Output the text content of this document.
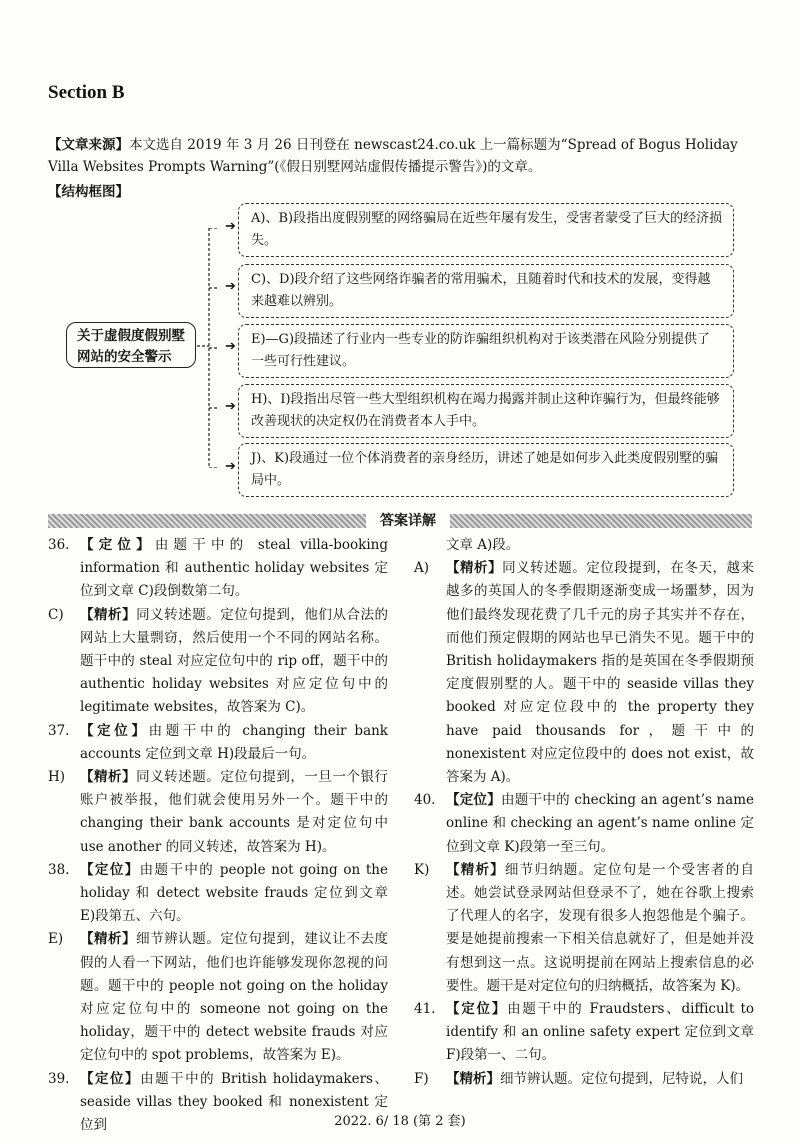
Section B
【文章来源】本文选自 2019 年 3 月 26 日刊登在 newscast24.co.uk 上一篇标题为“Spread of Bogus Holiday Villa Websites Prompts Warning”(《假日别墅网站虚假传播提示警告》)的文章。
【结构框图】
关于虚假度假别墅网站的安全警示
➔
➔
➔
➔
➔
A)、B)段指出度假别墅的网络骗局在近些年屡有发生，受害者蒙受了巨大的经济损失。
C)、D)段介绍了这些网络诈骗者的常用骗术，且随着时代和技术的发展，变得越来越难以辨别。
E)—G)段描述了行业内一些专业的防诈骗组织机构对于该类潜在风险分别提供了一些可行性建议。
H)、I)段指出尽管一些大型组织机构在竭力揭露并制止这种诈骗行为，但最终能够改善现状的决定权仍在消费者本人手中。
J)、K)段通过一位个体消费者的亲身经历，讲述了她是如何步入此类度假别墅的骗局中。
答案详解
36. 【定位】由题干中的 steal villa-booking information 和 authentic holiday websites 定位到文章 C)段倒数第二句。
C)	【精析】同义转述题。定位句提到，他们从合法的网站上大量剽窃，然后使用一个不同的网站名称。题干中的 steal 对应定位句中的 rip off，题干中的 authentic holiday websites 对应定位句中的 legitimate websites，故答案为 C)。
37. 【定位】由题干中的 changing their bank accounts 定位到文章 H)段最后一句。
H)	【精析】同义转述题。定位句提到，一旦一个银行账户被举报，他们就会使用另外一个。题干中的 changing their bank accounts 是对定位句中 use another 的同义转述，故答案为 H)。
38. 【定位】由题干中的 people not going on the holiday 和 detect website frauds 定位到文章 E)段第五、六句。
E)	【精析】细节辨认题。定位句提到，建议让不去度假的人看一下网站，他们也许能够发现你忽视的问题。题干中的 people not going on the holiday 对应定位句中的 someone not going on the holiday，题干中的 detect website frauds 对应定位句中的 spot problems，故答案为 E)。
39. 【定位】由题干中的 British holidaymakers、seaside villas they booked 和 nonexistent 定位到
文章 A)段。
A)	【精析】同义转述题。定位段提到，在冬天，越来越多的英国人的冬季假期逐渐变成一场噩梦，因为他们最终发现花费了几千元的房子其实并不存在，而他们预定假期的网站也早已消失不见。题干中的 British holidaymakers 指的是英国在冬季假期预定度假别墅的人。题干中的 seaside villas they booked 对应定位段中的 the property they have paid thousands for，题干中的 nonexistent 对应定位段中的 does not exist，故答案为 A)。
40. 【定位】由题干中的 checking an agent’s name online 和 checking an agent’s name online 定位到文章 K)段第一至三句。
K)	【精析】细节归纳题。定位句是一个受害者的自述。她尝试登录网站但登录不了，她在谷歌上搜索了代理人的名字，发现有很多人抱怨他是个骗子。要是她提前搜索一下相关信息就好了，但是她并没有想到这一点。这说明提前在网站上搜索信息的必要性。题干是对定位句的归纳概括，故答案为 K)。
41. 【定位】由题干中的 Fraudsters、difficult to identify 和 an online safety expert 定位到文章 F)段第一、二句。
F)	【精析】细节辨认题。定位句提到，尼特说，人们
2022. 6/ 18 (第 2 套)
